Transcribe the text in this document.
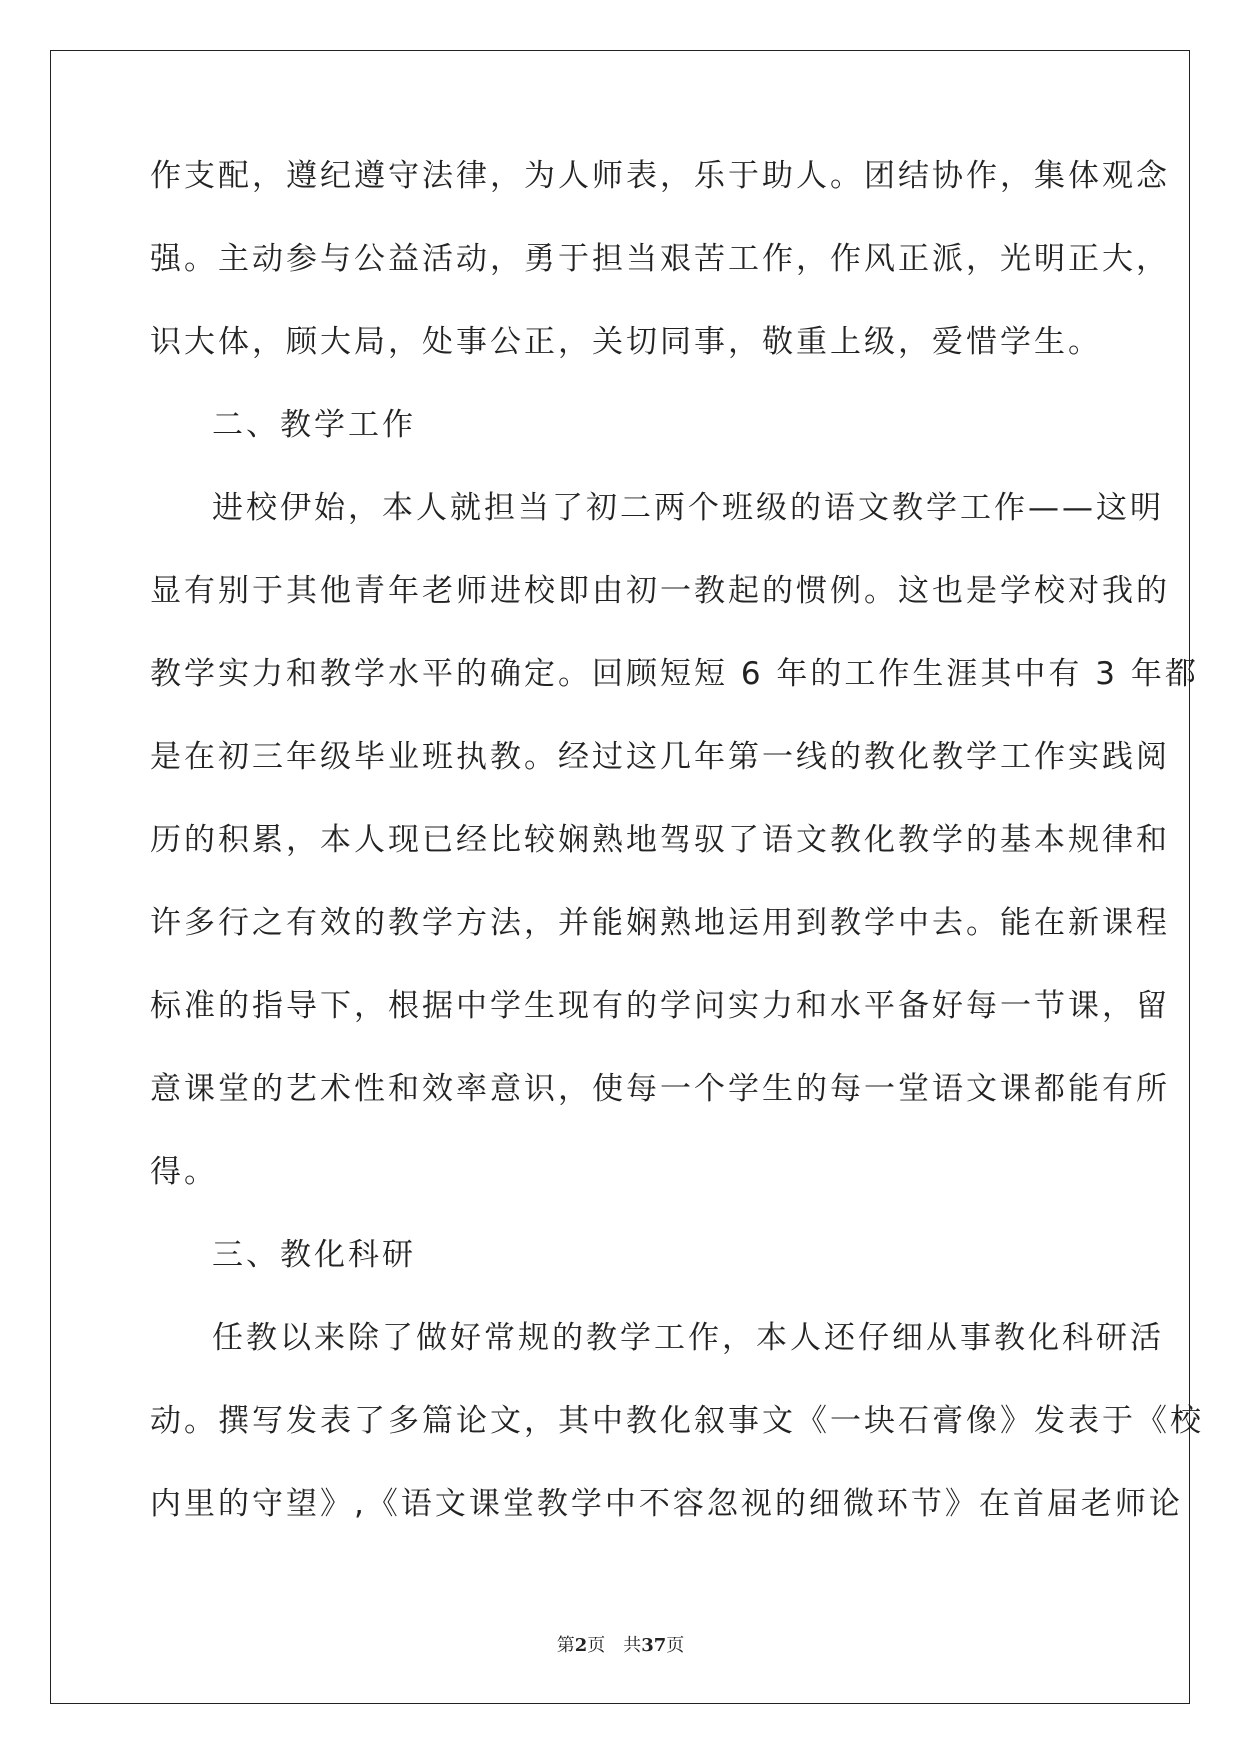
作支配，遵纪遵守法律，为人师表，乐于助人。团结协作，集体观念
强。主动参与公益活动，勇于担当艰苦工作，作风正派，光明正大，
识大体，顾大局，处事公正，关切同事，敬重上级，爱惜学生。
二、教学工作
进校伊始，本人就担当了初二两个班级的语文教学工作——这明
显有别于其他青年老师进校即由初一教起的惯例。这也是学校对我的
教学实力和教学水平的确定。回顾短短 6 年的工作生涯其中有 3 年都
是在初三年级毕业班执教。经过这几年第一线的教化教学工作实践阅
历的积累，本人现已经比较娴熟地驾驭了语文教化教学的基本规律和
许多行之有效的教学方法，并能娴熟地运用到教学中去。能在新课程
标准的指导下，根据中学生现有的学问实力和水平备好每一节课，留
意课堂的艺术性和效率意识，使每一个学生的每一堂语文课都能有所
得。
三、教化科研
任教以来除了做好常规的教学工作，本人还仔细从事教化科研活
动。撰写发表了多篇论文，其中教化叙事文《一块石膏像》发表于《校
内里的守望》,《语文课堂教学中不容忽视的细微环节》在首届老师论
第2页 共37页
